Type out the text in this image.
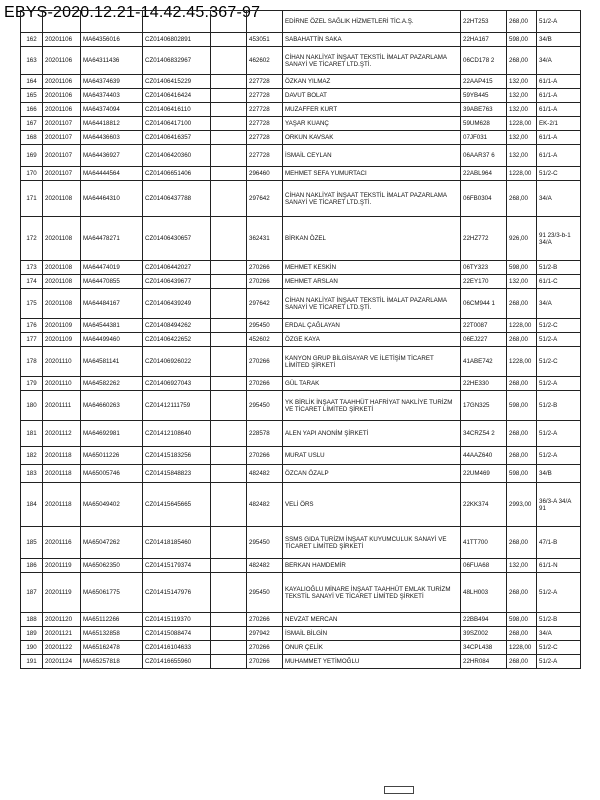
EBYS-2020.12.21-14.42.45.367-97
						EDİRNE ÖZEL SAĞLIK HİZMETLERİ TİC.A.Ş.	22HT253	268,00	51/2-A
162	20201106	MA64356016	CZ01406802891		453051	SABAHATTİN SAKA	22HA167	598,00	34/B
163	20201106	MA64311436	CZ01406832967		462602	CİHAN NAKLİYAT İNŞAAT TEKSTİL İMALAT PAZARLAMA SANAYİ VE TİCARET LTD.ŞTİ.	06CD178 2	268,00	34/A
164	20201106	MA64374639	CZ01406415229		227728	ÖZKAN YILMAZ	22AAP415	132,00	61/1-A
165	20201106	MA64374403	CZ01406416424		227728	DAVUT BOLAT	59YB445	132,00	61/1-A
166	20201106	MA64374094	CZ01406416110		227728	MUZAFFER KURT	39ABE763	132,00	61/1-A
167	20201107	MA64418812	CZ01406417100		227728	YAŞAR KUANÇ	59UM628	1228,00	EK-2/1
168	20201107	MA64436603	CZ01406416357		227728	ORKUN KAVSAK	07JF031	132,00	61/1-A
169	20201107	MA64436927	CZ01406420360		227728	İSMAİL CEYLAN	06AAR37 6	132,00	61/1-A
170	20201107	MA64444564	CZ01406651406		296460	MEHMET SEFA YUMURTACI	22ABL964	1228,00	51/2-C
171	20201108	MA64464310	CZ01406437788		297642	CİHAN NAKLİYAT İNŞAAT TEKSTİL İMALAT PAZARLAMA SANAYİ VE TİCARET LTD.ŞTİ.	06FB0304	268,00	34/A
172	20201108	MA64478271	CZ01406430657		362431	BİRKAN ÖZEL	22HZ772	926,00	91 23/3-b-1 34/A
173	20201108	MA64474019	CZ01406442027		270266	MEHMET KESKİN	06TY323	598,00	51/2-B
174	20201108	MA64470855	CZ01406439677		270266	MEHMET ARSLAN	22EY170	132,00	61/1-C
175	20201108	MA64484167	CZ01406439249		297642	CİHAN NAKLİYAT İNŞAAT TEKSTİL İMALAT PAZARLAMA SANAYİ VE TİCARET LTD.ŞTİ.	06CM944 1	268,00	34/A
176	20201109	MA64544381	CZ01408494262		295450	ERDAL ÇAĞLAYAN	22T0087	1228,00	51/2-C
177	20201109	MA64499460	CZ01406422652		452602	ÖZGE KAYA	06EJ227	268,00	51/2-A
178	20201110	MA64581141	CZ01406926022		270266	KANYON GRUP BİLGİSAYAR VE İLETİŞİM TİCARET LİMİTED ŞİRKETİ	41ABE742	1228,00	51/2-C
179	20201110	MA64582262	CZ01406927043		270266	GÜL TARAK	22HE330	268,00	51/2-A
180	20201111	MA64660263	CZ01412111759		295450	YK BİRLİK İNŞAAT TAAHHÜT HAFRİYAT NAKLİYE TURİZM VE TİCARET LİMİTED ŞİRKETİ	17GN325	598,00	51/2-B
181	20201112	MA64692981	CZ01412108640		228578	ALEN YAPI ANONİM ŞİRKETİ	34CRZ54 2	268,00	51/2-A
182	20201118	MA65011226	CZ01415183256		270266	MURAT USLU	44AAZ640	268,00	51/2-A
183	20201118	MA65005746	CZ01415848823		482482	ÖZCAN ÖZALP	22UM469	598,00	34/B
184	20201118	MA65049402	CZ01415645665		482482	VELİ ÖRS	22KK374	2993,00	36/3-A 34/A 91
185	20201116	MA65047262	CZ01418185460		295450	SSMS GIDA TURİZM İNŞAAT KUYUMCULUK SANAYİ VE TİCARET LİMİTED ŞİRKETİ	41TT700	268,00	47/1-B
186	20201119	MA65062350	CZ01415179374		482482	BERKAN HAMDEMİR	06FUA68	132,00	61/1-N
187	20201119	MA65061775	CZ01415147976		295450	KAYALIOĞLU MİNARE İNŞAAT TAAHHÜT EMLAK TURİZM TEKSTİL SANAYİ VE TİCARET LİMİTED ŞİRKETİ	48LH003	268,00	51/2-A
188	20201120	MA65112266	CZ01415119370		270266	NEVZAT MERCAN	22BB494	598,00	51/2-B
189	20201121	MA65132858	CZ01415088474		297942	İSMAİL BİLGİN	39SZ002	268,00	34/A
190	20201122	MA65162478	CZ01416104633		270266	ONUR ÇELİK	34CPL438	1228,00	51/2-C
191	20201124	MA65257818	CZ01416655960		270266	MUHAMMET YETİMOĞLU	22HR084	268,00	51/2-A
